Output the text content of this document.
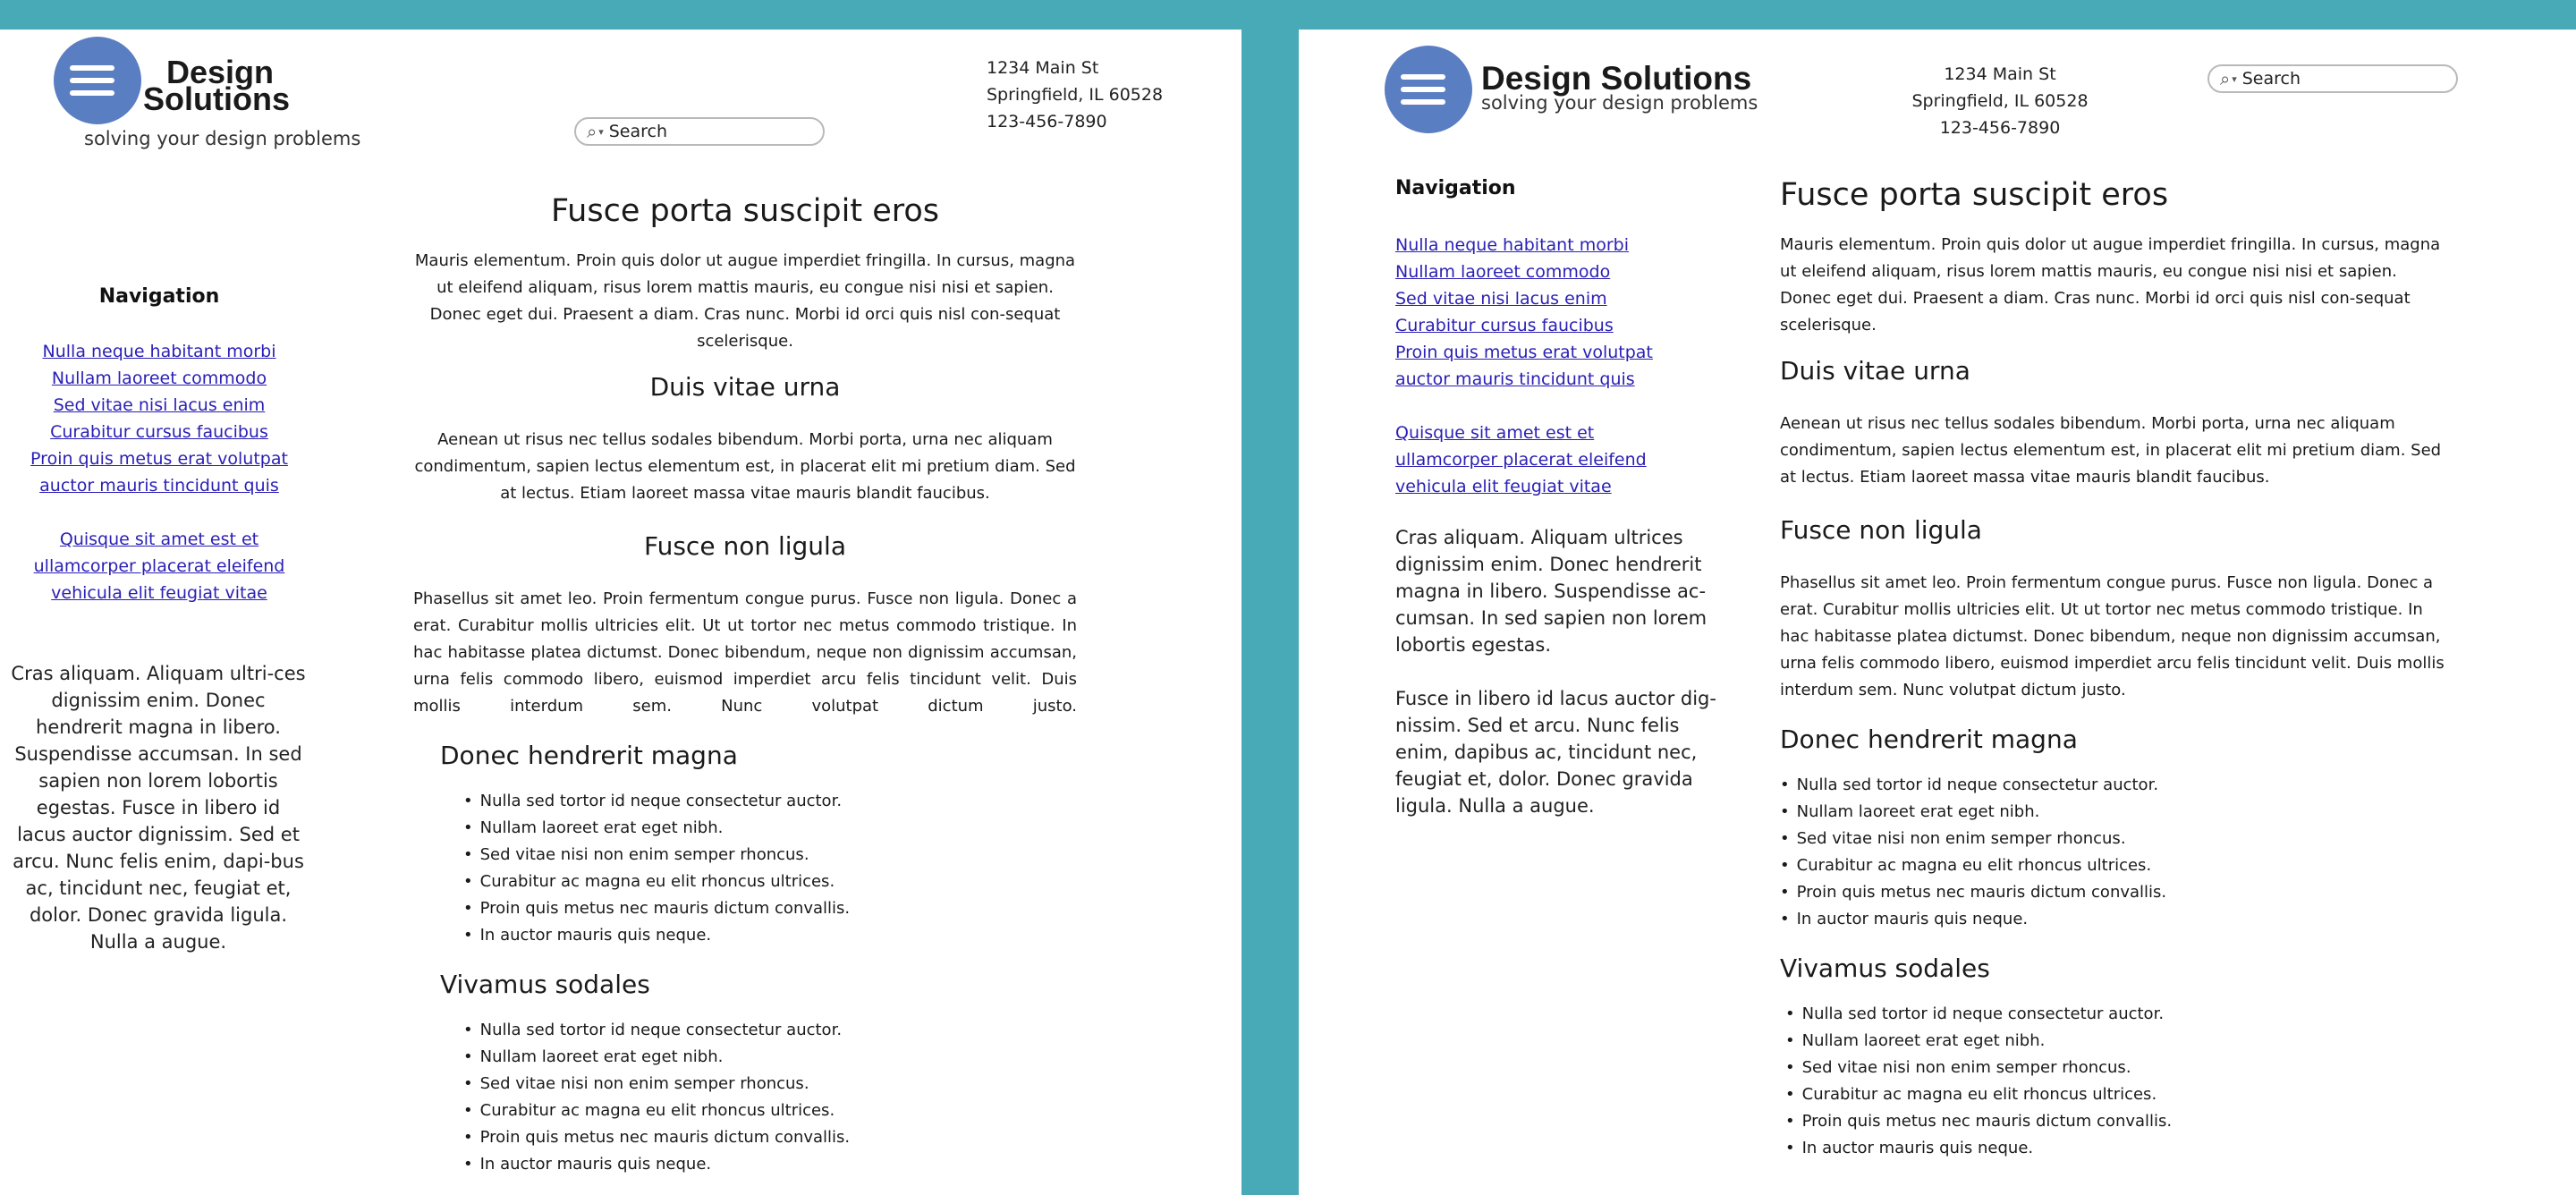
Design
Solutions
solving your design problems
1234 Main St
Springfield, IL 60528
123-456-7890
⌕ ▾
Search
Navigation
Nulla neque habitant morbi
Nullam laoreet commodo
Sed vitae nisi lacus enim
Curabitur cursus faucibus
Proin quis metus erat volutpat
auctor mauris tincidunt quis
Quisque sit amet est et
ullamcorper placerat eleifend
vehicula elit feugiat vitae
Cras aliquam. Aliquam ultri-ces dignissim enim. Donec hendrerit magna in libero. Suspendisse accumsan. In sed sapien non lorem lobortis egestas. Fusce in libero id lacus auctor dignissim. Sed et arcu. Nunc felis enim, dapi-bus ac, tincidunt nec, feugiat et, dolor. Donec gravida ligula. Nulla a augue.
Fusce porta suscipit eros

Mauris elementum. Proin quis dolor ut augue imperdiet fringilla. In cursus, magna ut eleifend aliquam, risus lorem mattis mauris, eu congue nisi nisi et sapien. Donec eget dui. Praesent a diam. Cras nunc. Morbi id orci quis nisl con-sequat scelerisque.

Duis vitae urna

Aenean ut risus nec tellus sodales bibendum. Morbi porta, urna nec aliquam condimentum, sapien lectus elementum est, in placerat elit mi pretium diam. Sed at lectus. Etiam laoreet massa vitae mauris blandit faucibus.

Fusce non ligula

Phasellus sit amet leo. Proin fermentum congue purus. Fusce non ligula. Donec a erat. Curabitur mollis ultricies elit. Ut ut tortor nec metus commodo tristique. In hac habitasse platea dictumst. Donec bibendum, neque non dignissim accumsan, urna felis commodo libero, euismod imperdiet arcu felis tincidunt velit. Duis mollis interdum sem. Nunc volutpat dictum justo.

Donec hendrerit magna
• Nulla sed tortor id neque consectetur auctor.
• Nullam laoreet erat eget nibh.
• Sed vitae nisi non enim semper rhoncus.
• Curabitur ac magna eu elit rhoncus ultrices.
• Proin quis metus nec mauris dictum convallis.
• In auctor mauris quis neque.
Vivamus sodales
• Nulla sed tortor id neque consectetur auctor.
• Nullam laoreet erat eget nibh.
• Sed vitae nisi non enim semper rhoncus.
• Curabitur ac magna eu elit rhoncus ultrices.
• Proin quis metus nec mauris dictum convallis.
• In auctor mauris quis neque.
Design Solutions
solving your design problems
1234 Main St
Springfield, IL 60528
123-456-7890
⌕ ▾
Search
Navigation
Nulla neque habitant morbi
Nullam laoreet commodo
Sed vitae nisi lacus enim
Curabitur cursus faucibus
Proin quis metus erat volutpat
auctor mauris tincidunt quis
Quisque sit amet est et
ullamcorper placerat eleifend
vehicula elit feugiat vitae

Cras aliquam. Aliquam ultrices dignissim enim. Donec hendrerit magna in libero. Suspendisse ac-cumsan. In sed sapien non lorem lobortis egestas.

Fusce in libero id lacus auctor dig-nissim. Sed et arcu. Nunc felis enim, dapibus ac, tincidunt nec, feugiat et, dolor. Donec gravida ligula. Nulla a augue.

Fusce porta suscipit eros

Mauris elementum. Proin quis dolor ut augue imperdiet fringilla. In cursus, magna ut eleifend aliquam, risus lorem mattis mauris, eu congue nisi nisi et sapien. Donec eget dui. Praesent a diam. Cras nunc. Morbi id orci quis nisl con-sequat scelerisque.

Duis vitae urna

Aenean ut risus nec tellus sodales bibendum. Morbi porta, urna nec aliquam condimentum, sapien lectus elementum est, in placerat elit mi pretium diam. Sed at lectus. Etiam laoreet massa vitae mauris blandit faucibus.

Fusce non ligula

Phasellus sit amet leo. Proin fermentum congue purus. Fusce non ligula. Donec a erat. Curabitur mollis ultricies elit. Ut ut tortor nec metus commodo tristique. In hac habitasse platea dictumst. Donec bibendum, neque non dignissim accumsan, urna felis commodo libero, euismod imperdiet arcu felis tincidunt velit. Duis mollis interdum sem. Nunc volutpat dictum justo.

Donec hendrerit magna
• Nulla sed tortor id neque consectetur auctor.
• Nullam laoreet erat eget nibh.
• Sed vitae nisi non enim semper rhoncus.
• Curabitur ac magna eu elit rhoncus ultrices.
• Proin quis metus nec mauris dictum convallis.
• In auctor mauris quis neque.
Vivamus sodales
• Nulla sed tortor id neque consectetur auctor.
• Nullam laoreet erat eget nibh.
• Sed vitae nisi non enim semper rhoncus.
• Curabitur ac magna eu elit rhoncus ultrices.
• Proin quis metus nec mauris dictum convallis.
• In auctor mauris quis neque.
